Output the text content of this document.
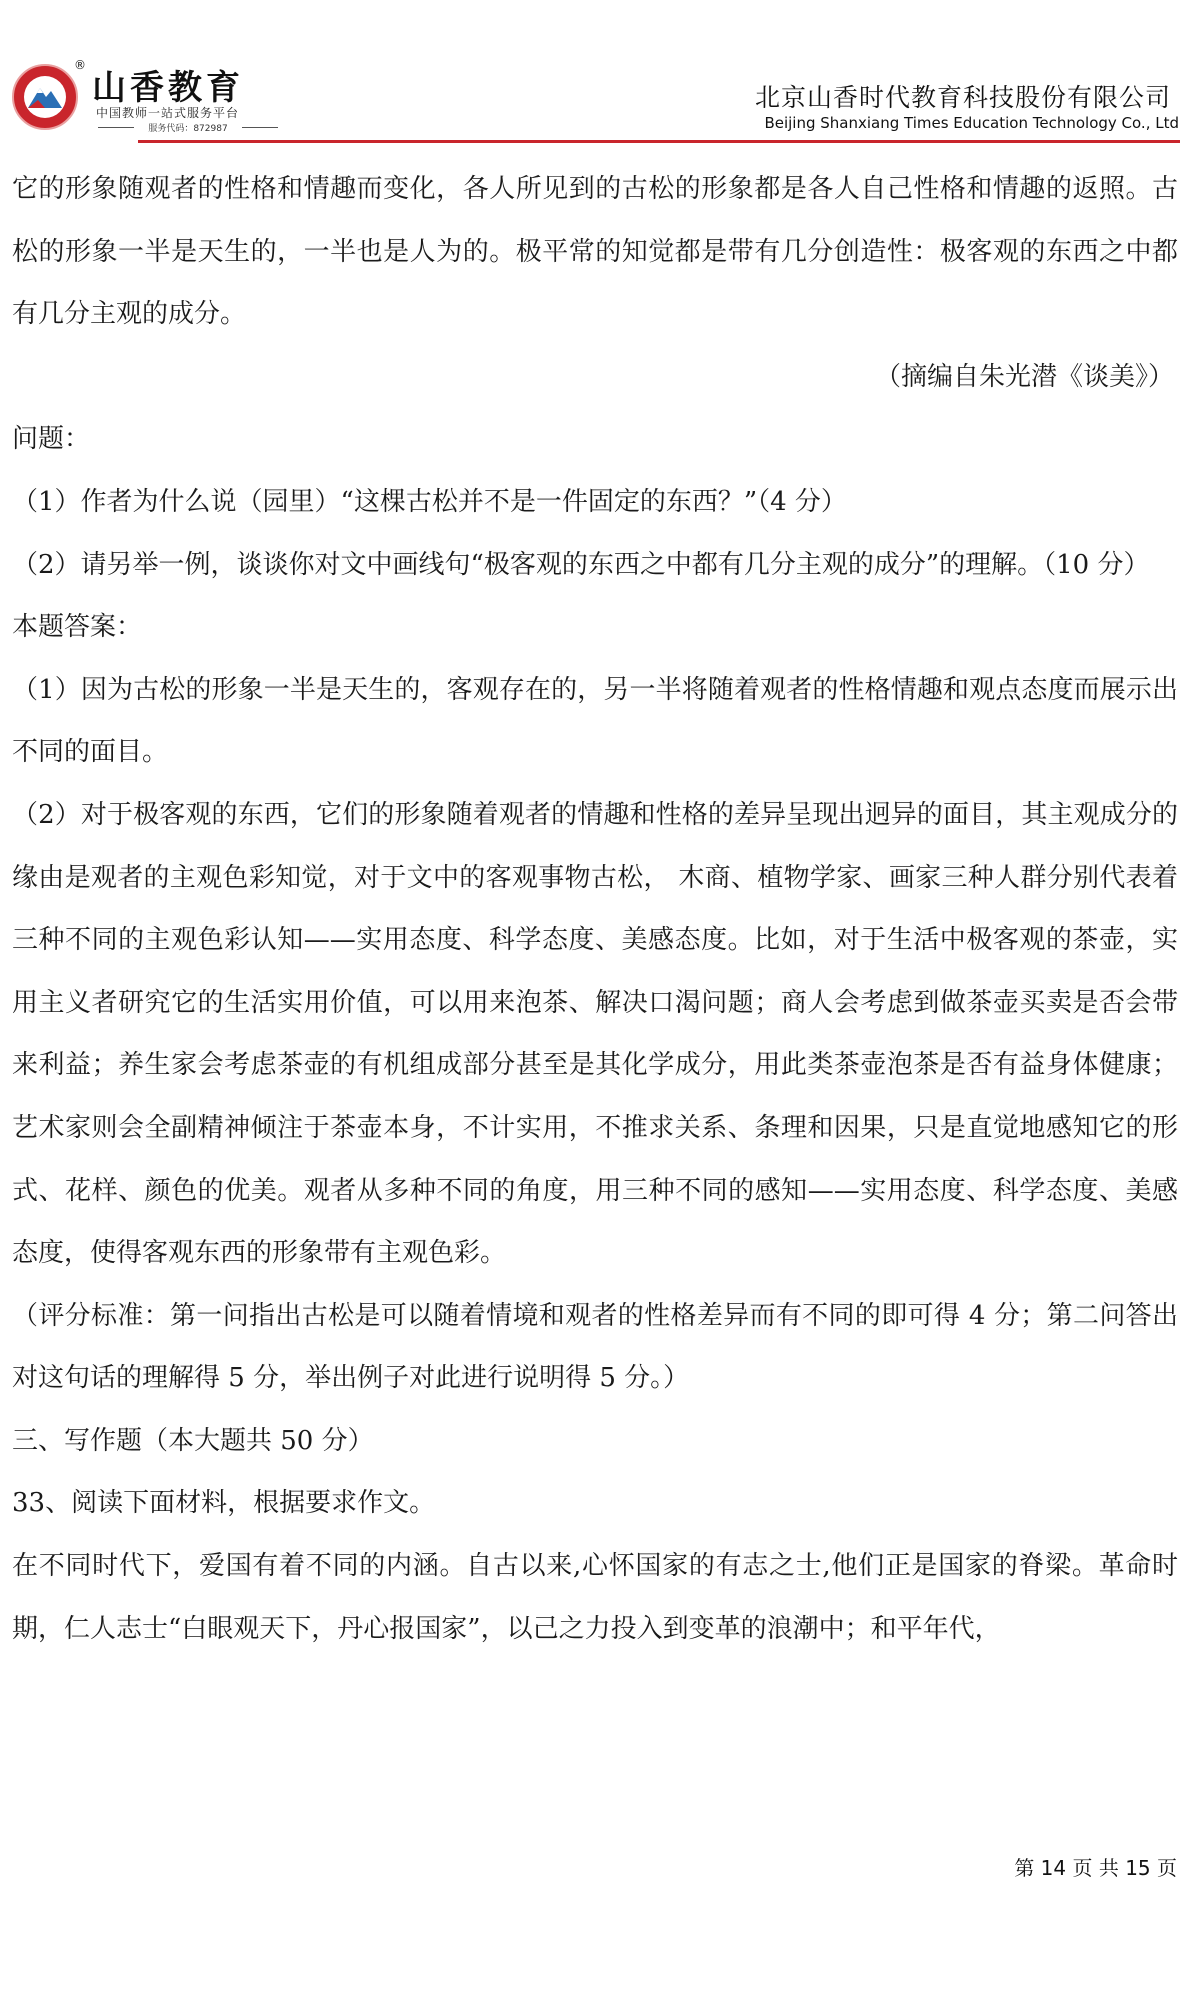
®
山香教育
中国教师一站式服务平台
服务代码：872987
北京山香时代教育科技股份有限公司
Beijing Shanxiang Times Education Technology Co., Ltd

它的形象随观者的性格和情趣而变化，各人所见到的古松的形象都是各人自己性格和情趣的返照。古松的形象一半是天生的，一半也是人为的。极平常的知觉都是带有几分创造性：极客观的东西之中都有几分主观的成分。

（摘编自朱光潜《谈美》）

问题：

（1）作者为什么说（园里）“这棵古松并不是一件固定的东西？”（4 分）

（2）请另举一例，谈谈你对文中画线句“极客观的东西之中都有几分主观的成分”的理解。（10 分）

本题答案：

（1）因为古松的形象一半是天生的，客观存在的，另一半将随着观者的性格情趣和观点态度而展示出不同的面目。

（2）对于极客观的东西，它们的形象随着观者的情趣和性格的差异呈现出迥异的面目，其主观成分的缘由是观者的主观色彩知觉，对于文中的客观事物古松， 木商、植物学家、画家三种人群分别代表着三种不同的主观色彩认知——实用态度、科学态度、美感态度。比如，对于生活中极客观的茶壶，实用主义者研究它的生活实用价值，可以用来泡茶、解决口渴问题；商人会考虑到做茶壶买卖是否会带来利益；养生家会考虑茶壶的有机组成部分甚至是其化学成分，用此类茶壶泡茶是否有益身体健康；艺术家则会全副精神倾注于茶壶本身，不计实用，不推求关系、条理和因果，只是直觉地感知它的形式、花样、颜色的优美。观者从多种不同的角度，用三种不同的感知——实用态度、科学态度、美感态度，使得客观东西的形象带有主观色彩。

（评分标准：第一问指出古松是可以随着情境和观者的性格差异而有不同的即可得 4 分；第二问答出对这句话的理解得 5 分，举出例子对此进行说明得 5 分。）

三、写作题（本大题共 50 分）

33、阅读下面材料，根据要求作文。

在不同时代下，爱国有着不同的内涵。自古以来,心怀国家的有志之士,他们正是国家的脊梁。革命时期，仁人志士“白眼观天下，丹心报国家”，以己之力投入到变革的浪潮中；和平年代，

第 14 页 共 15 页
